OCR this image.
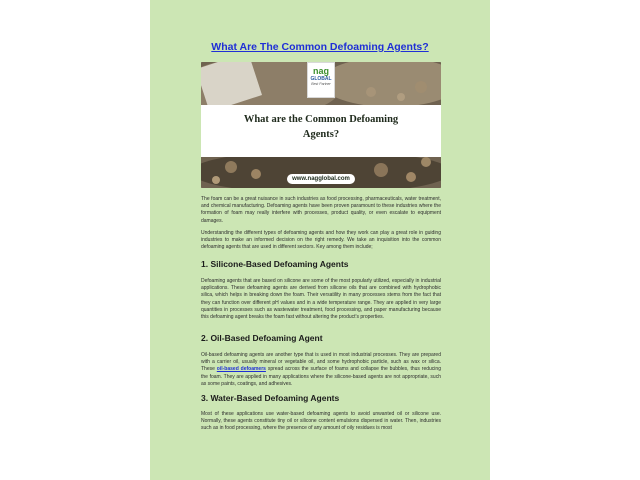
What Are The Common Defoaming Agents?
nag
GLOBAL
Best Partner
What are the Common Defoaming
Agents?
www.nagglobal.com

The foam can be a great nuisance in such industries as food processing, pharmaceuticals, water treatment, and chemical manufacturing. Defoaming agents have been proven paramount to these industries where the formation of foam may really interfere with processes, product quality, or even escalate to equipment damages.

Understanding the different types of defoaming agents and how they work can play a great role in guiding industries to make an informed decision on the right remedy. We take an inquisition into the common defoaming agents that are used in different sectors. Key among them include;

1. Silicone-Based Defoaming Agents

Defoaming agents that are based on silicone are some of the most popularly utilized, especially in industrial applications. These defoaming agents are derived from silicone oils that are combined with hydrophobic silica, which helps in breaking down the foam. Their versatility in many processes stems from the fact that they can function over different pH values and in a wide temperature range. They are applied in very large quantities in processes such as wastewater treatment, food processing, and paper manufacturing because this defoaming agent breaks the foam fast without altering the product's properties.

2. Oil-Based Defoaming Agent

Oil-based defoaming agents are another type that is used in most industrial processes. They are prepared with a carrier oil, usually mineral or vegetable oil, and some hydrophobic particle, such as wax or silica. These oil-based defoamers spread across the surface of foams and collapse the bubbles, thus reducing the foam. They are applied in many applications where the silicone-based agents are not appropriate, such as some paints, coatings, and adhesives.

3. Water-Based Defoaming Agents

Most of these applications use water-based defoaming agents to avoid unwanted oil or silicone use. Normally, these agents constitute tiny oil or silicone content emulsions dispersed in water. Then, industries such as in food processing, where the presence of any amount of oily residues is most
